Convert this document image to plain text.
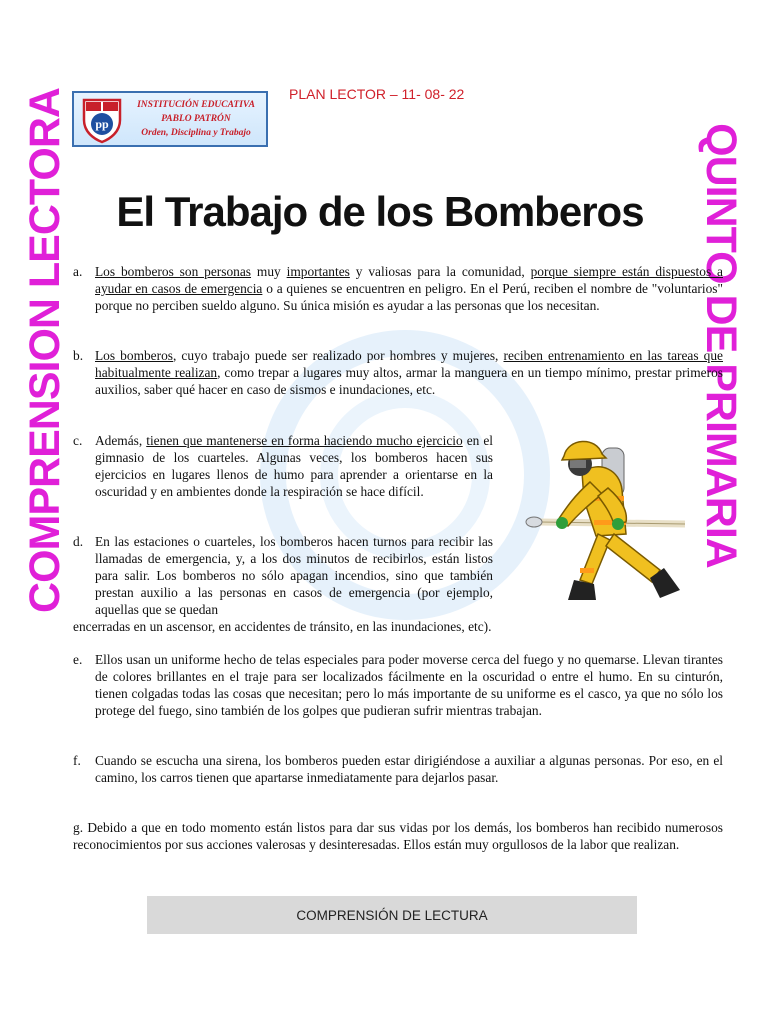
PLAN LECTOR – 11- 08- 22
pp
INSTITUCIÓN EDUCATIVA
PABLO PATRÓN
Orden, Disciplina y Trabajo
COMPRENSION LECTORA	QUINTO DE PRIMARIA
El Trabajo de los Bomberos
a. Los bomberos son personas muy importantes y valiosas para la comunidad, porque siempre están dispuestos a ayudar en casos de emergencia o a quienes se encuentren en peligro. En el Perú, reciben el nombre de "voluntarios" porque no perciben sueldo alguno. Su única misión es ayudar a las personas que los necesitan.
b. Los bomberos, cuyo trabajo puede ser realizado por hombres y mujeres, reciben entrenamiento en las tareas que habitualmente realizan, como trepar a lugares muy altos, armar la manguera en un tiempo mínimo, prestar primeros auxilios, saber qué hacer en caso de sismos e inundaciones, etc.
c. Además, tienen que mantenerse en forma haciendo mucho ejercicio en el gimnasio de los cuarteles. Algunas veces, los bomberos hacen sus ejercicios en lugares llenos de humo para aprender a orientarse en la oscuridad y en ambientes donde la respiración se hace difícil.
d. En las estaciones o cuarteles, los bomberos hacen turnos para recibir las llamadas de emergencia, y, a los dos minutos de recibirlos, están listos para salir. Los bomberos no sólo apagan incendios, sino que también prestan auxilio a las personas en casos de emergencia (por ejemplo, aquellas que se quedan
encerradas en un ascensor, en accidentes de tránsito, en las inundaciones, etc).
e. Ellos usan un uniforme hecho de telas especiales para poder moverse cerca del fuego y no quemarse. Llevan tirantes de colores brillantes en el traje para ser localizados fácilmente en la oscuridad o entre el humo. En su cinturón, tienen colgadas todas las cosas que necesitan; pero lo más importante de su uniforme es el casco, ya que no sólo los protege del fuego, sino también de los golpes que pudieran sufrir mientras trabajan.
f. Cuando se escucha una sirena, los bomberos pueden estar dirigiéndose a auxiliar a algunas personas. Por eso, en el camino, los carros tienen que apartarse inmediatamente para dejarlos pasar.
g. Debido a que en todo momento están listos para dar sus vidas por los demás, los bomberos han recibido numerosos reconocimientos por sus acciones valerosas y desinteresadas. Ellos están muy orgullosos de la labor que realizan.
COMPRENSIÓN DE LECTURA
